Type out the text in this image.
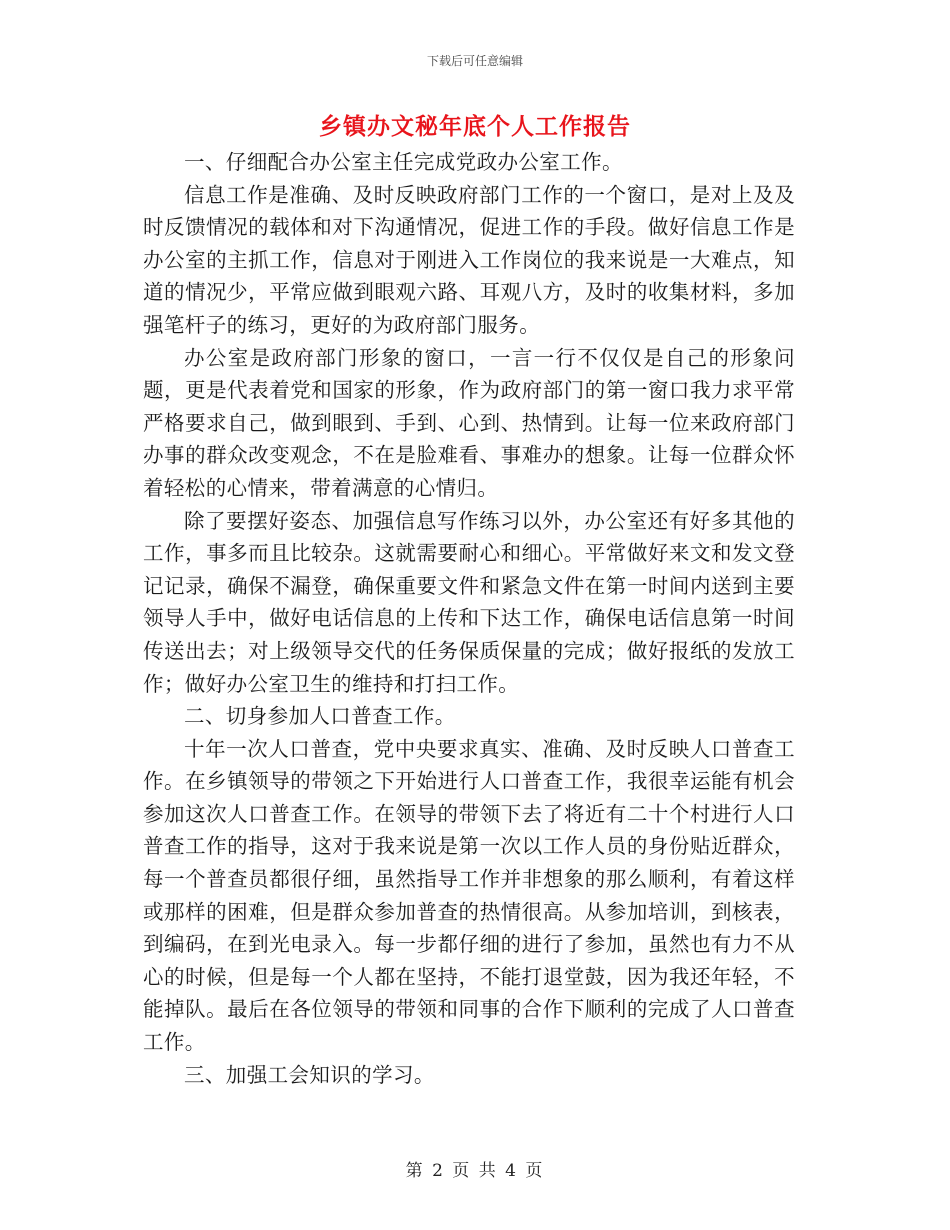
下载后可任意编辑
乡镇办文秘年底个人工作报告

一、仔细配合办公室主任完成党政办公室工作。

信息工作是准确、及时反映政府部门工作的一个窗口，是对上及及时反馈情况的载体和对下沟通情况，促进工作的手段。做好信息工作是办公室的主抓工作，信息对于刚进入工作岗位的我来说是一大难点，知道的情况少，平常应做到眼观六路、耳观八方，及时的收集材料，多加强笔杆子的练习，更好的为政府部门服务。

办公室是政府部门形象的窗口，一言一行不仅仅是自己的形象问题，更是代表着党和国家的形象，作为政府部门的第一窗口我力求平常严格要求自己，做到眼到、手到、心到、热情到。让每一位来政府部门办事的群众改变观念，不在是脸难看、事难办的想象。让每一位群众怀着轻松的心情来，带着满意的心情归。

除了要摆好姿态、加强信息写作练习以外，办公室还有好多其他的工作，事多而且比较杂。这就需要耐心和细心。平常做好来文和发文登记记录，确保不漏登，确保重要文件和紧急文件在第一时间内送到主要领导人手中，做好电话信息的上传和下达工作，确保电话信息第一时间传送出去；对上级领导交代的任务保质保量的完成；做好报纸的发放工作；做好办公室卫生的维持和打扫工作。

二、切身参加人口普查工作。

十年一次人口普查，党中央要求真实、准确、及时反映人口普查工作。在乡镇领导的带领之下开始进行人口普查工作，我很幸运能有机会参加这次人口普查工作。在领导的带领下去了将近有二十个村进行人口普查工作的指导，这对于我来说是第一次以工作人员的身份贴近群众，每一个普查员都很仔细，虽然指导工作并非想象的那么顺利，有着这样或那样的困难，但是群众参加普查的热情很高。从参加培训，到核表，到编码，在到光电录入。每一步都仔细的进行了参加，虽然也有力不从心的时候，但是每一个人都在坚持，不能打退堂鼓，因为我还年轻，不能掉队。最后在各位领导的带领和同事的合作下顺利的完成了人口普查工作。

三、加强工会知识的学习。

第 2 页 共 4 页
